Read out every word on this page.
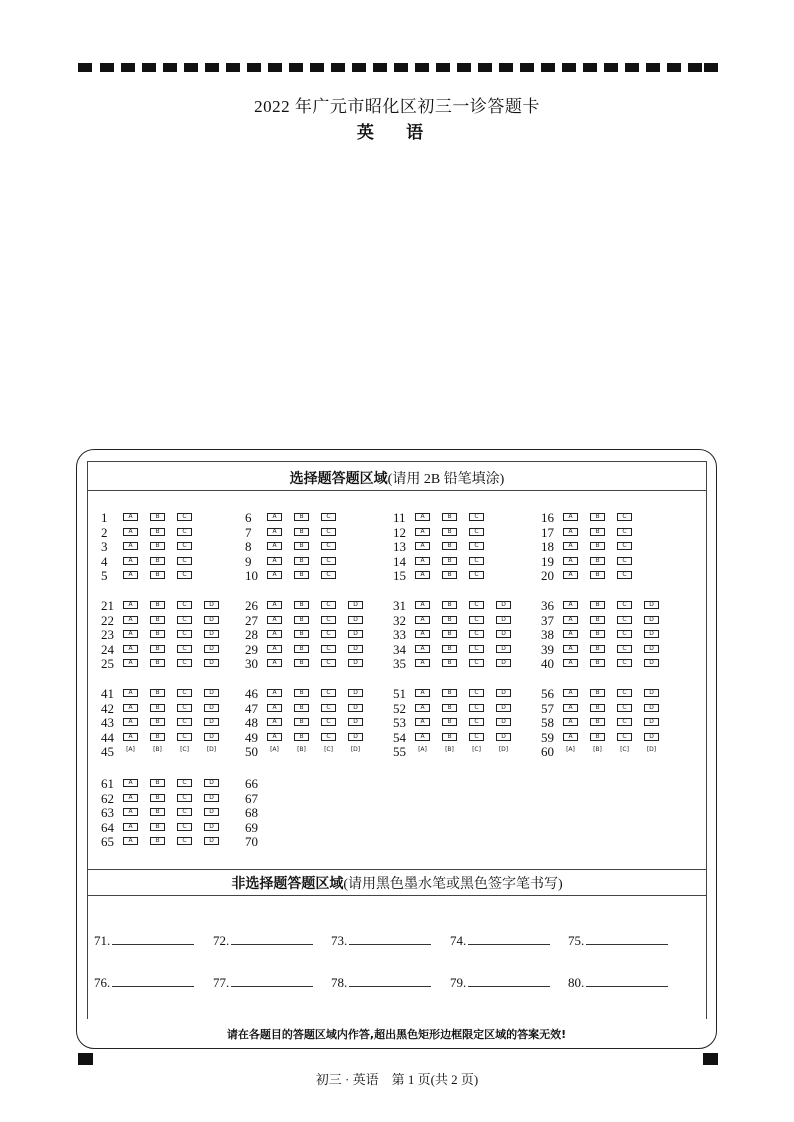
2022 年广元市昭化区初三一诊答题卡
英 语
选择题答题区域(请用 2B 铅笔填涂)
1	A	B	C
2	A	B	C
3	A	B	C
4	A	B	C
5	A	B	C
6	A	B	C
7	A	B	C
8	A	B	C
9	A	B	C
10	A	B	C
11	A	B	C
12	A	B	C
13	A	B	C
14	A	B	C
15	A	B	C
16	A	B	C
17	A	B	C
18	A	B	C
19	A	B	C
20	A	B	C
21	A	B	C	D
22	A	B	C	D
23	A	B	C	D
24	A	B	C	D
25	A	B	C	D
26	A	B	C	D
27	A	B	C	D
28	A	B	C	D
29	A	B	C	D
30	A	B	C	D
31	A	B	C	D
32	A	B	C	D
33	A	B	C	D
34	A	B	C	D
35	A	B	C	D
36	A	B	C	D
37	A	B	C	D
38	A	B	C	D
39	A	B	C	D
40	A	B	C	D
41	A	B	C	D
42	A	B	C	D
43	A	B	C	D
44	A	B	C	D
45	[A]	[B]	[C]	[D]
46	A	B	C	D
47	A	B	C	D
48	A	B	C	D
49	A	B	C	D
50	[A]	[B]	[C]	[D]
51	A	B	C	D
52	A	B	C	D
53	A	B	C	D
54	A	B	C	D
55	[A]	[B]	[C]	[D]
56	A	B	C	D
57	A	B	C	D
58	A	B	C	D
59	A	B	C	D
60	[A]	[B]	[C]	[D]
61	A	B	C	D
62	A	B	C	D
63	A	B	C	D
64	A	B	C	D
65	A	B	C	D
66
67
68
69
70
非选择题答题区域(请用黑色墨水笔或黑色签字笔书写)
71.	72.	73.	74.	75.
76.	77.	78.	79.	80.
请在各题目的答题区域内作答,超出黑色矩形边框限定区域的答案无效!
初三 · 英语　第 1 页(共 2 页)
